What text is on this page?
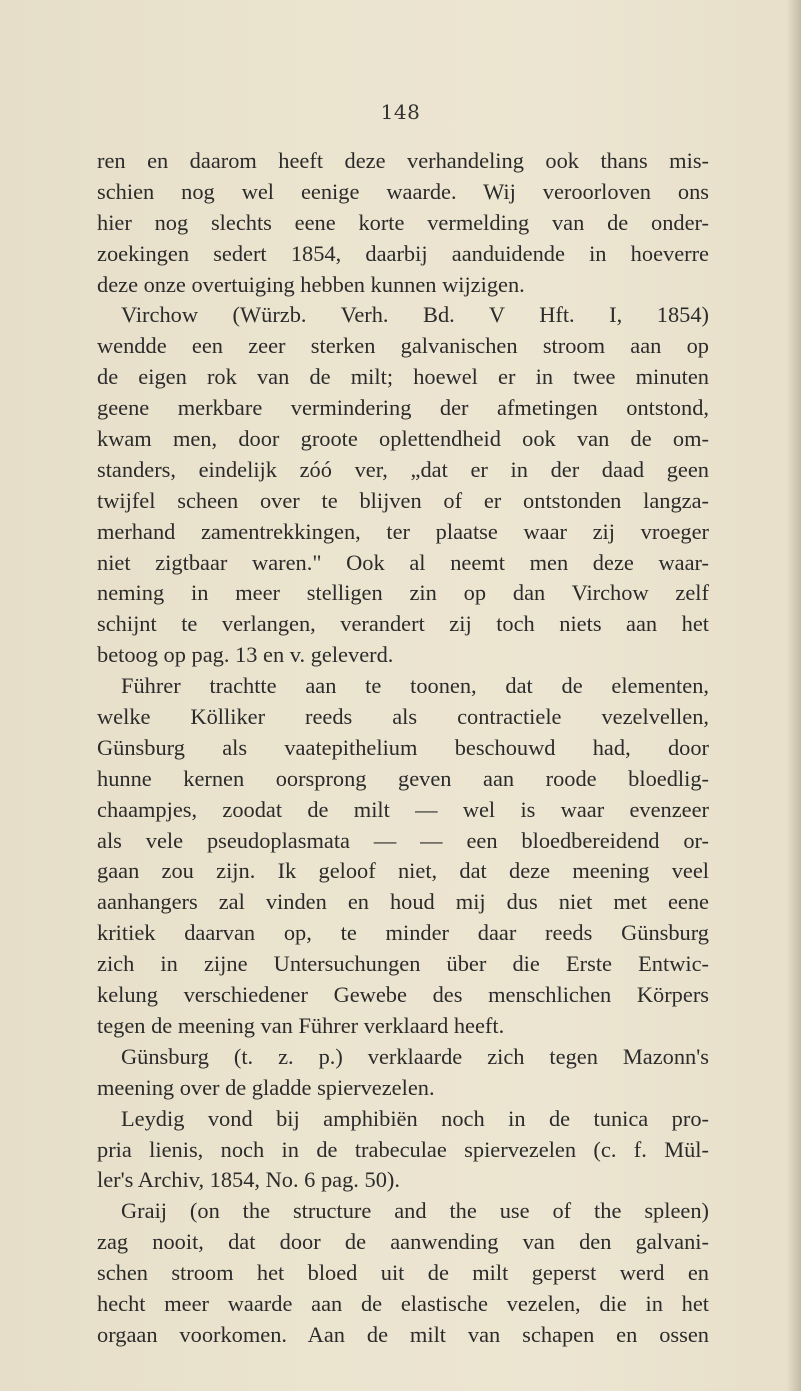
148
ren en daarom heeft deze verhandeling ook thans mis-
schien nog wel eenige waarde. Wij veroorloven ons
hier nog slechts eene korte vermelding van de onder-
zoekingen sedert 1854, daarbij aanduidende in hoeverre
deze onze overtuiging hebben kunnen wijzigen.
Virchow (Würzb. Verh. Bd. V Hft. I, 1854)
wendde een zeer sterken galvanischen stroom aan op
de eigen rok van de milt; hoewel er in twee minuten
geene merkbare vermindering der afmetingen ontstond,
kwam men, door groote oplettendheid ook van de om-
standers, eindelijk zóó ver, „dat er in der daad geen
twijfel scheen over te blijven of er ontstonden langza-
merhand zamentrekkingen, ter plaatse waar zij vroeger
niet zigtbaar waren." Ook al neemt men deze waar-
neming in meer stelligen zin op dan Virchow zelf
schijnt te verlangen, verandert zij toch niets aan het
betoog op pag. 13 en v. geleverd.
Führer trachtte aan te toonen, dat de elementen,
welke Kölliker reeds als contractiele vezelvellen,
Günsburg als vaatepithelium beschouwd had, door
hunne kernen oorsprong geven aan roode bloedlig-
chaampjes, zoodat de milt — wel is waar evenzeer
als vele pseudoplasmata — — een bloedbereidend or-
gaan zou zijn. Ik geloof niet, dat deze meening veel
aanhangers zal vinden en houd mij dus niet met eene
kritiek daarvan op, te minder daar reeds Günsburg
zich in zijne Untersuchungen über die Erste Entwic-
kelung verschiedener Gewebe des menschlichen Körpers
tegen de meening van Führer verklaard heeft.
Günsburg (t. z. p.) verklaarde zich tegen Mazonn's
meening over de gladde spiervezelen.
Leydig vond bij amphibiën noch in de tunica pro-
pria lienis, noch in de trabeculae spiervezelen (c. f. Mül-
ler's Archiv, 1854, No. 6 pag. 50).
Graij (on the structure and the use of the spleen)
zag nooit, dat door de aanwending van den galvani-
schen stroom het bloed uit de milt geperst werd en
hecht meer waarde aan de elastische vezelen, die in het
orgaan voorkomen. Aan de milt van schapen en ossen
